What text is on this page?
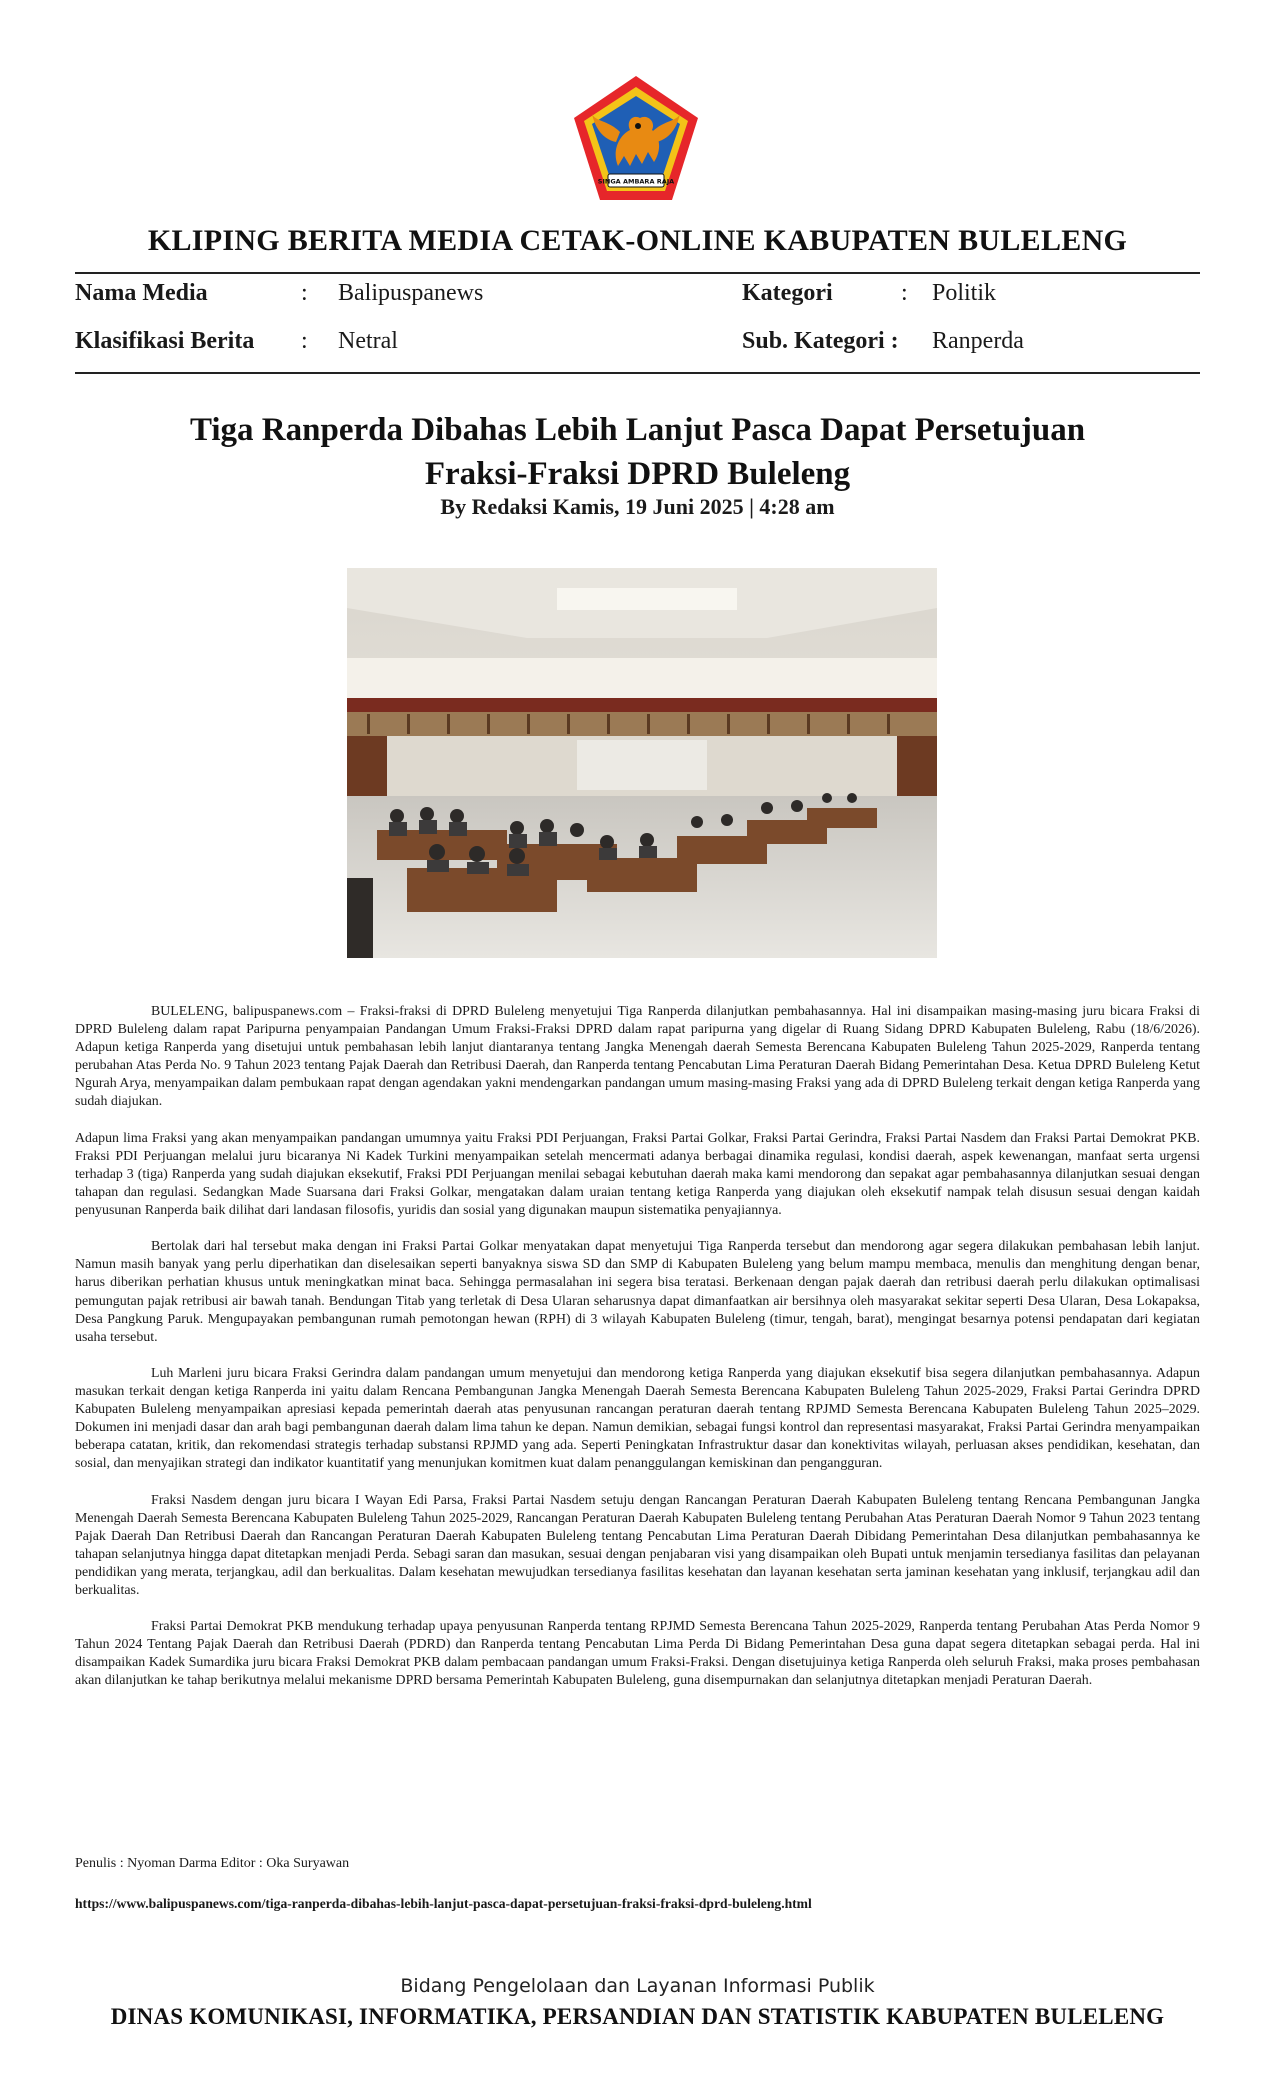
SINGA AMBARA RAJA
KLIPING BERITA MEDIA CETAK-ONLINE KABUPATEN BULELENG
Nama Media	: Balipuspanews	Kategori	: Politik
Klasifikasi Berita : Netral	Sub. Kategori : Ranperda
Tiga Ranperda Dibahas Lebih Lanjut Pasca Dapat Persetujuan
Fraksi-Fraksi DPRD Buleleng
By Redaksi Kamis, 19 Juni 2025 | 4:28 am

BULELENG, balipuspanews.com – Fraksi-fraksi di DPRD Buleleng menyetujui Tiga Ranperda dilanjutkan pembahasannya. Hal ini disampaikan masing-masing juru bicara Fraksi di DPRD Buleleng dalam rapat Paripurna penyampaian Pandangan Umum Fraksi-Fraksi DPRD dalam rapat paripurna yang digelar di Ruang Sidang DPRD Kabupaten Buleleng, Rabu (18/6/2026). Adapun ketiga Ranperda yang disetujui untuk pembahasan lebih lanjut diantaranya tentang Jangka Menengah daerah Semesta Berencana Kabupaten Buleleng Tahun 2025-2029, Ranperda tentang perubahan Atas Perda No. 9 Tahun 2023 tentang Pajak Daerah dan Retribusi Daerah, dan Ranperda tentang Pencabutan Lima Peraturan Daerah Bidang Pemerintahan Desa. Ketua DPRD Buleleng Ketut Ngurah Arya, menyampaikan dalam pembukaan rapat dengan agendakan yakni mendengarkan pandangan umum masing-masing Fraksi yang ada di DPRD Buleleng terkait dengan ketiga Ranperda yang sudah diajukan.

Adapun lima Fraksi yang akan menyampaikan pandangan umumnya yaitu Fraksi PDI Perjuangan, Fraksi Partai Golkar, Fraksi Partai Gerindra, Fraksi Partai Nasdem dan Fraksi Partai Demokrat PKB. Fraksi PDI Perjuangan melalui juru bicaranya Ni Kadek Turkini menyampaikan setelah mencermati adanya berbagai dinamika regulasi, kondisi daerah, aspek kewenangan, manfaat serta urgensi terhadap 3 (tiga) Ranperda yang sudah diajukan eksekutif, Fraksi PDI Perjuangan menilai sebagai kebutuhan daerah maka kami mendorong dan sepakat agar pembahasannya dilanjutkan sesuai dengan tahapan dan regulasi. Sedangkan Made Suarsana dari Fraksi Golkar, mengatakan dalam uraian tentang ketiga Ranperda yang diajukan oleh eksekutif nampak telah disusun sesuai dengan kaidah penyusunan Ranperda baik dilihat dari landasan filosofis, yuridis dan sosial yang digunakan maupun sistematika penyajiannya.

Bertolak dari hal tersebut maka dengan ini Fraksi Partai Golkar menyatakan dapat menyetujui Tiga Ranperda tersebut dan mendorong agar segera dilakukan pembahasan lebih lanjut. Namun masih banyak yang perlu diperhatikan dan diselesaikan seperti banyaknya siswa SD dan SMP di Kabupaten Buleleng yang belum mampu membaca, menulis dan menghitung dengan benar, harus diberikan perhatian khusus untuk meningkatkan minat baca. Sehingga permasalahan ini segera bisa teratasi. Berkenaan dengan pajak daerah dan retribusi daerah perlu dilakukan optimalisasi pemungutan pajak retribusi air bawah tanah. Bendungan Titab yang terletak di Desa Ularan seharusnya dapat dimanfaatkan air bersihnya oleh masyarakat sekitar seperti Desa Ularan, Desa Lokapaksa, Desa Pangkung Paruk. Mengupayakan pembangunan rumah pemotongan hewan (RPH) di 3 wilayah Kabupaten Buleleng (timur, tengah, barat), mengingat besarnya potensi pendapatan dari kegiatan usaha tersebut.

Luh Marleni juru bicara Fraksi Gerindra dalam pandangan umum menyetujui dan mendorong ketiga Ranperda yang diajukan eksekutif bisa segera dilanjutkan pembahasannya. Adapun masukan terkait dengan ketiga Ranperda ini yaitu dalam Rencana Pembangunan Jangka Menengah Daerah Semesta Berencana Kabupaten Buleleng Tahun 2025-2029, Fraksi Partai Gerindra DPRD Kabupaten Buleleng menyampaikan apresiasi kepada pemerintah daerah atas penyusunan rancangan peraturan daerah tentang RPJMD Semesta Berencana Kabupaten Buleleng Tahun 2025–2029. Dokumen ini menjadi dasar dan arah bagi pembangunan daerah dalam lima tahun ke depan. Namun demikian, sebagai fungsi kontrol dan representasi masyarakat, Fraksi Partai Gerindra menyampaikan beberapa catatan, kritik, dan rekomendasi strategis terhadap substansi RPJMD yang ada. Seperti Peningkatan Infrastruktur dasar dan konektivitas wilayah, perluasan akses pendidikan, kesehatan, dan sosial, dan menyajikan strategi dan indikator kuantitatif yang menunjukan komitmen kuat dalam penanggulangan kemiskinan dan pengangguran.

Fraksi Nasdem dengan juru bicara I Wayan Edi Parsa, Fraksi Partai Nasdem setuju dengan Rancangan Peraturan Daerah Kabupaten Buleleng tentang Rencana Pembangunan Jangka Menengah Daerah Semesta Berencana Kabupaten Buleleng Tahun 2025-2029, Rancangan Peraturan Daerah Kabupaten Buleleng tentang Perubahan Atas Peraturan Daerah Nomor 9 Tahun 2023 tentang Pajak Daerah Dan Retribusi Daerah dan Rancangan Peraturan Daerah Kabupaten Buleleng tentang Pencabutan Lima Peraturan Daerah Dibidang Pemerintahan Desa dilanjutkan pembahasannya ke tahapan selanjutnya hingga dapat ditetapkan menjadi Perda. Sebagi saran dan masukan, sesuai dengan penjabaran visi yang disampaikan oleh Bupati untuk menjamin tersedianya fasilitas dan pelayanan pendidikan yang merata, terjangkau, adil dan berkualitas. Dalam kesehatan mewujudkan tersedianya fasilitas kesehatan dan layanan kesehatan serta jaminan kesehatan yang inklusif, terjangkau adil dan berkualitas.

Fraksi Partai Demokrat PKB mendukung terhadap upaya penyusunan Ranperda tentang RPJMD Semesta Berencana Tahun 2025-2029, Ranperda tentang Perubahan Atas Perda Nomor 9 Tahun 2024 Tentang Pajak Daerah dan Retribusi Daerah (PDRD) dan Ranperda tentang Pencabutan Lima Perda Di Bidang Pemerintahan Desa guna dapat segera ditetapkan sebagai perda. Hal ini disampaikan Kadek Sumardika juru bicara Fraksi Demokrat PKB dalam pembacaan pandangan umum Fraksi-Fraksi. Dengan disetujuinya ketiga Ranperda oleh seluruh Fraksi, maka proses pembahasan akan dilanjutkan ke tahap berikutnya melalui mekanisme DPRD bersama Pemerintah Kabupaten Buleleng, guna disempurnakan dan selanjutnya ditetapkan menjadi Peraturan Daerah.

Penulis : Nyoman Darma Editor : Oka Suryawan
https://www.balipuspanews.com/tiga-ranperda-dibahas-lebih-lanjut-pasca-dapat-persetujuan-fraksi-fraksi-dprd-buleleng.html
Bidang Pengelolaan dan Layanan Informasi Publik
DINAS KOMUNIKASI, INFORMATIKA, PERSANDIAN DAN STATISTIK KABUPATEN BULELENG
